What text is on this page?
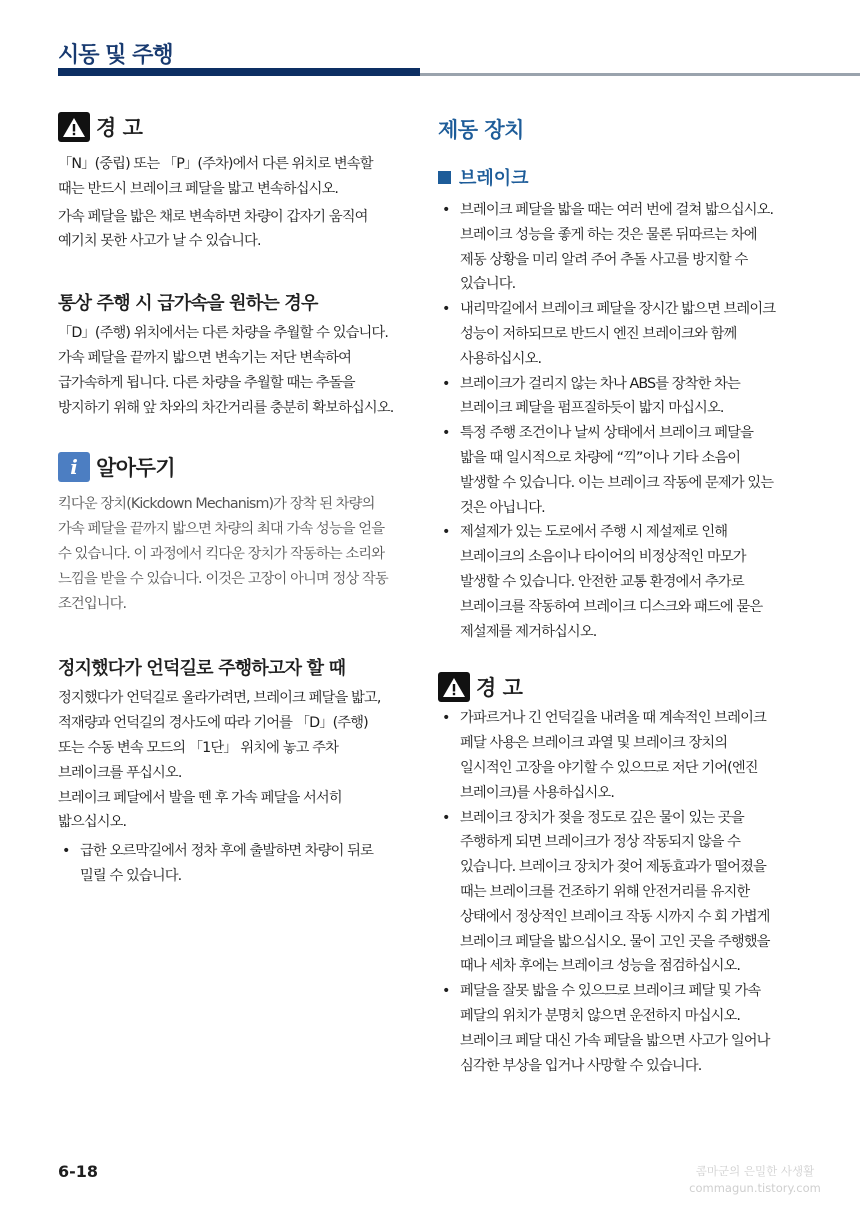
시동 및 주행
경 고

「N」(중립) 또는 「P」(주차)에서 다른 위치로 변속할 때는 반드시 브레이크 페달을 밟고 변속하십시오.

가속 페달을 밟은 채로 변속하면 차량이 갑자기 움직여 예기치 못한 사고가 날 수 있습니다.

통상 주행 시 급가속을 원하는 경우

「D」(주행) 위치에서는 다른 차량을 추월할 수 있습니다. 가속 페달을 끝까지 밟으면 변속기는 저단 변속하여 급가속하게 됩니다. 다른 차량을 추월할 때는 추돌을 방지하기 위해 앞 차와의 차간거리를 충분히 확보하십시오.

i 알아두기

킥다운 장치(Kickdown Mechanism)가 장착 된 차량의 가속 페달을 끝까지 밟으면 차량의 최대 가속 성능을 얻을 수 있습니다. 이 과정에서 킥다운 장치가 작동하는 소리와 느낌을 받을 수 있습니다. 이것은 고장이 아니며 정상 작동 조건입니다.

정지했다가 언덕길로 주행하고자 할 때

정지했다가 언덕길로 올라가려면, 브레이크 페달을 밟고, 적재량과 언덕길의 경사도에 따라 기어를 「D」(주행) 또는 수동 변속 모드의 「1단」 위치에 놓고 주차 브레이크를 푸십시오.

브레이크 페달에서 발을 뗀 후 가속 페달을 서서히 밟으십시오.

• 급한 오르막길에서 정차 후에 출발하면 차량이 뒤로 밀릴 수 있습니다.
제동 장치
브레이크
• 브레이크 페달을 밟을 때는 여러 번에 걸쳐 밟으십시오.
브레이크 성능을 좋게 하는 것은 물론 뒤따르는 차에 제동 상황을 미리 알려 주어 추돌 사고를 방지할 수 있습니다.
• 내리막길에서 브레이크 페달을 장시간 밟으면 브레이크 성능이 저하되므로 반드시 엔진 브레이크와 함께 사용하십시오.
• 브레이크가 걸리지 않는 차나 ABS를 장착한 차는 브레이크 페달을 펌프질하듯이 밟지 마십시오.
• 특정 주행 조건이나 날씨 상태에서 브레이크 페달을 밟을 때 일시적으로 차량에 “끽”이나 기타 소음이 발생할 수 있습니다. 이는 브레이크 작동에 문제가 있는 것은 아닙니다.
• 제설제가 있는 도로에서 주행 시 제설제로 인해 브레이크의 소음이나 타이어의 비정상적인 마모가 발생할 수 있습니다. 안전한 교통 환경에서 추가로 브레이크를 작동하여 브레이크 디스크와 패드에 묻은 제설제를 제거하십시오.
경 고
• 가파르거나 긴 언덕길을 내려올 때 계속적인 브레이크 페달 사용은 브레이크 과열 및 브레이크 장치의 일시적인 고장을 야기할 수 있으므로 저단 기어(엔진 브레이크)를 사용하십시오.
• 브레이크 장치가 젖을 정도로 깊은 물이 있는 곳을 주행하게 되면 브레이크가 정상 작동되지 않을 수 있습니다. 브레이크 장치가 젖어 제동효과가 떨어졌을 때는 브레이크를 건조하기 위해 안전거리를 유지한 상태에서 정상적인 브레이크 작동 시까지 수 회 가볍게 브레이크 페달을 밟으십시오. 물이 고인 곳을 주행했을 때나 세차 후에는 브레이크 성능을 점검하십시오.
• 페달을 잘못 밟을 수 있으므로 브레이크 페달 및 가속 페달의 위치가 분명치 않으면 운전하지 마십시오. 브레이크 페달 대신 가속 페달을 밟으면 사고가 일어나 심각한 부상을 입거나 사망할 수 있습니다.
6-18	콤마군의 은밀한 사생활
commagun.tistory.com
